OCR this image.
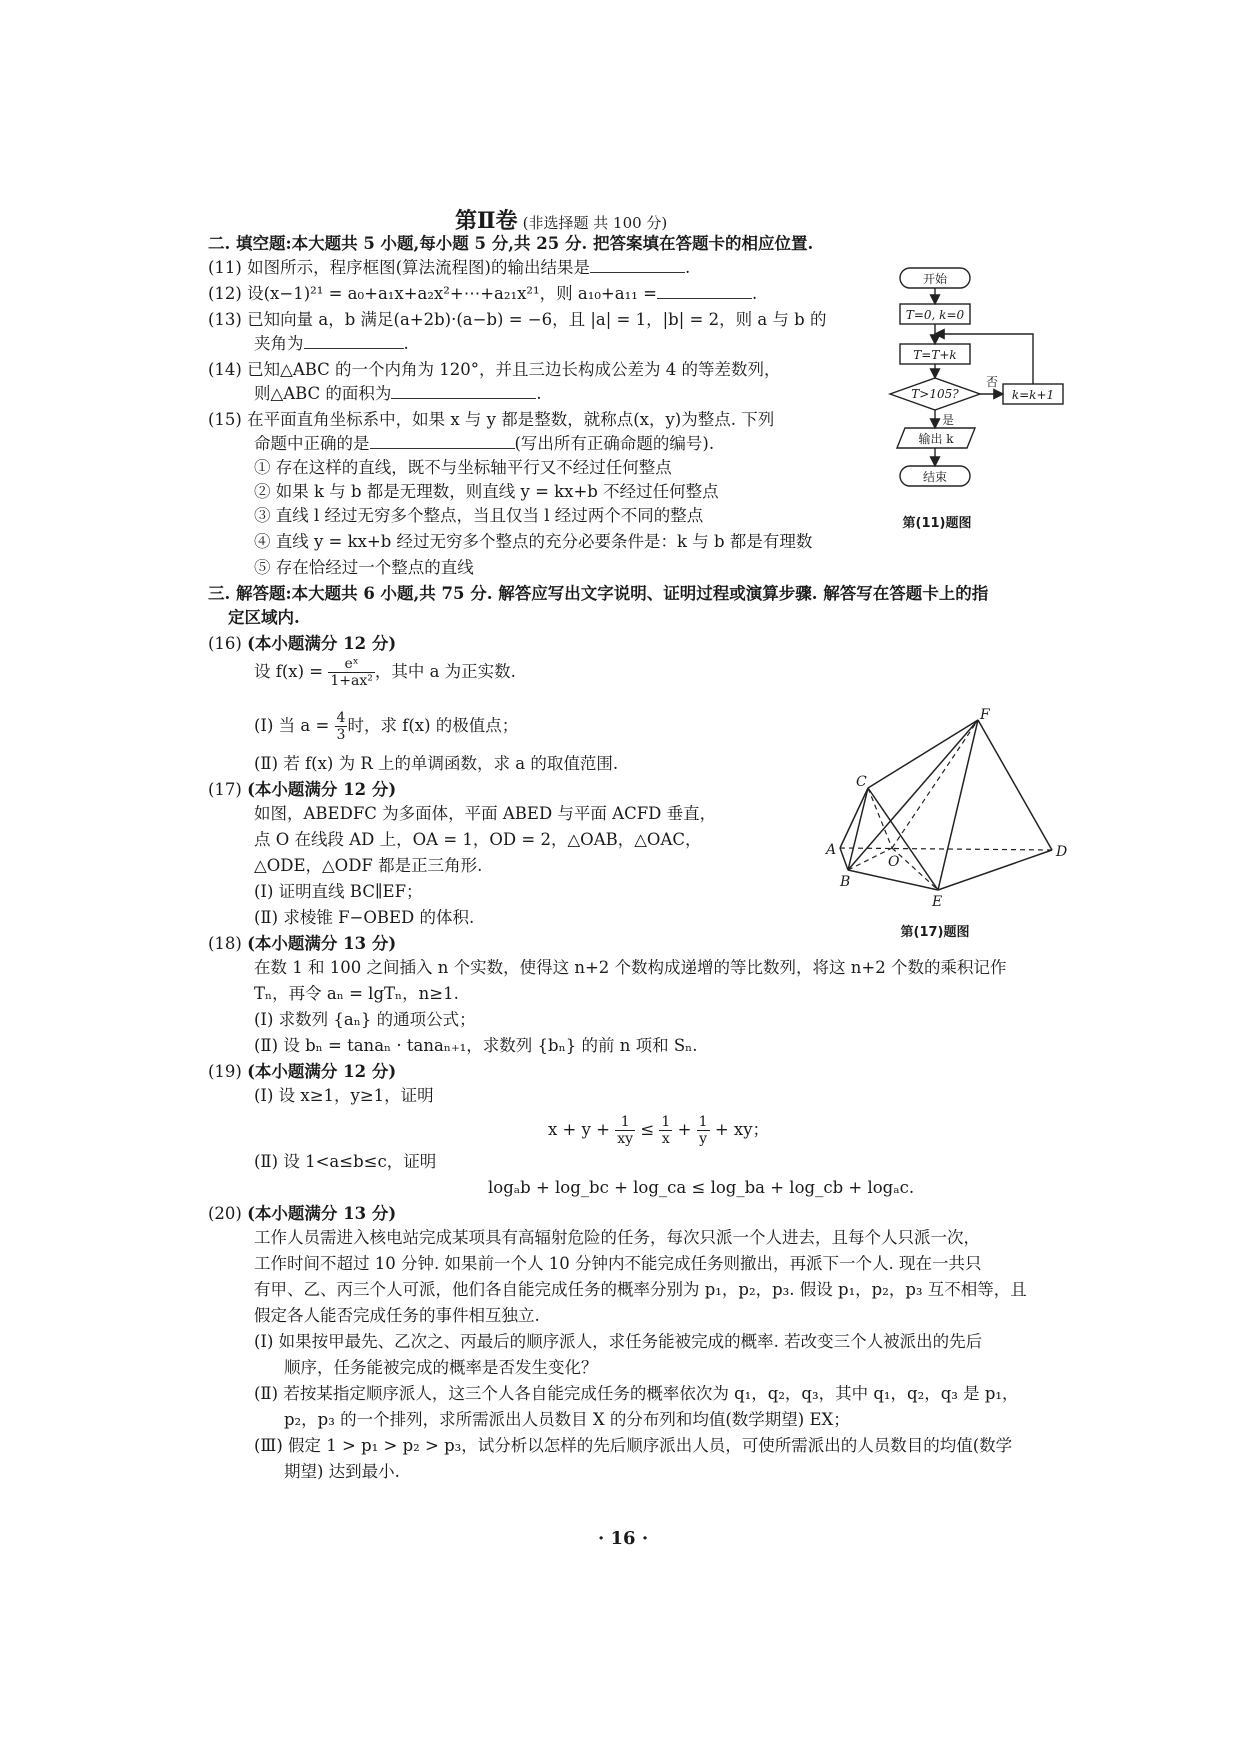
第Ⅱ卷 (非选择题 共 100 分)
二. 填空题:本大题共 5 小题,每小题 5 分,共 25 分. 把答案填在答题卡的相应位置.
(11) 如图所示，程序框图(算法流程图)的输出结果是	.
(12) 设(x−1)²¹ = a₀+a₁x+a₂x²+⋯+a₂₁x²¹，则 a₁₀+a₁₁ =	.
(13) 已知向量 a，b 满足(a+2b)·(a−b) = −6，且 |a| = 1，|b| = 2，则 a 与 b 的
夹角为	.
(14) 已知△ABC 的一个内角为 120°，并且三边长构成公差为 4 的等差数列，
则△ABC 的面积为	.
(15) 在平面直角坐标系中，如果 x 与 y 都是整数，就称点(x，y)为整点. 下列
命题中正确的是	(写出所有正确命题的编号).
① 存在这样的直线，既不与坐标轴平行又不经过任何整点
② 如果 k 与 b 都是无理数，则直线 y = kx+b 不经过任何整点
③ 直线 l 经过无穷多个整点，当且仅当 l 经过两个不同的整点
④ 直线 y = kx+b 经过无穷多个整点的充分必要条件是：k 与 b 都是有理数
⑤ 存在恰经过一个整点的直线
开始
T=0, k=0
T=T+k
T>105?	k=k+1
输出 k
结束
否
是
第(11)题图
三. 解答题:本大题共 6 小题,共 75 分. 解答应写出文字说明、证明过程或演算步骤. 解答写在答题卡上的指
定区域内.
(16) (本小题满分 12 分)
设 $f(x) = \frac{\text{eˣ}}{\text{1+ax²}}$ ，其中 a 为正实数.
(Ⅰ) 当 $a = \frac{4}{3}$ 时，求 f(x) 的极值点；
(Ⅱ) 若 f(x) 为 R 上的单调函数，求 a 的取值范围.
(17) (本小题满分 12 分)
如图，ABEDFC 为多面体，平面 ABED 与平面 ACFD 垂直，
点 O 在线段 AD 上，OA = 1，OD = 2，△OAB，△OAC，
△ODE，△ODF 都是正三角形.
(Ⅰ) 证明直线 BC∥EF；
(Ⅱ) 求棱锥 F−OBED 的体积.
F
C
A
O
D
B
E
第(17)题图
(18) (本小题满分 13 分)
在数 1 和 100 之间插入 n 个实数，使得这 n+2 个数构成递增的等比数列，将这 n+2 个数的乘积记作
Tₙ，再令 aₙ = lgTₙ，n≥1.
(Ⅰ) 求数列 {aₙ} 的通项公式；
(Ⅱ) 设 bₙ = tanaₙ · tanaₙ₊₁，求数列 {bₙ} 的前 n 项和 Sₙ.
(19) (本小题满分 12 分)
(Ⅰ) 设 x≥1，y≥1，证明
$x + y + \frac{1}{xy} \le \frac{1}{x} + \frac{1}{y}$ + xy；
(Ⅱ) 设 1<a≤b≤c，证明
logₐb + log_bc + log_ca ≤ log_ba + log_cb + logₐc.
(20) (本小题满分 13 分)
工作人员需进入核电站完成某项具有高辐射危险的任务，每次只派一个人进去，且每个人只派一次，
工作时间不超过 10 分钟. 如果前一个人 10 分钟内不能完成任务则撤出，再派下一个人. 现在一共只
有甲、乙、丙三个人可派，他们各自能完成任务的概率分别为 p₁，p₂，p₃. 假设 p₁，p₂，p₃ 互不相等，且
假定各人能否完成任务的事件相互独立.
(Ⅰ) 如果按甲最先、乙次之、丙最后的顺序派人，求任务能被完成的概率. 若改变三个人被派出的先后
顺序，任务能被完成的概率是否发生变化？
(Ⅱ) 若按某指定顺序派人，这三个人各自能完成任务的概率依次为 q₁，q₂，q₃，其中 q₁，q₂，q₃ 是 p₁，
p₂，p₃ 的一个排列，求所需派出人员数目 X 的分布列和均值(数学期望) EX；
(Ⅲ) 假定 1 > p₁ > p₂ > p₃，试分析以怎样的先后顺序派出人员，可使所需派出的人员数目的均值(数学
期望) 达到最小.
· 16 ·
